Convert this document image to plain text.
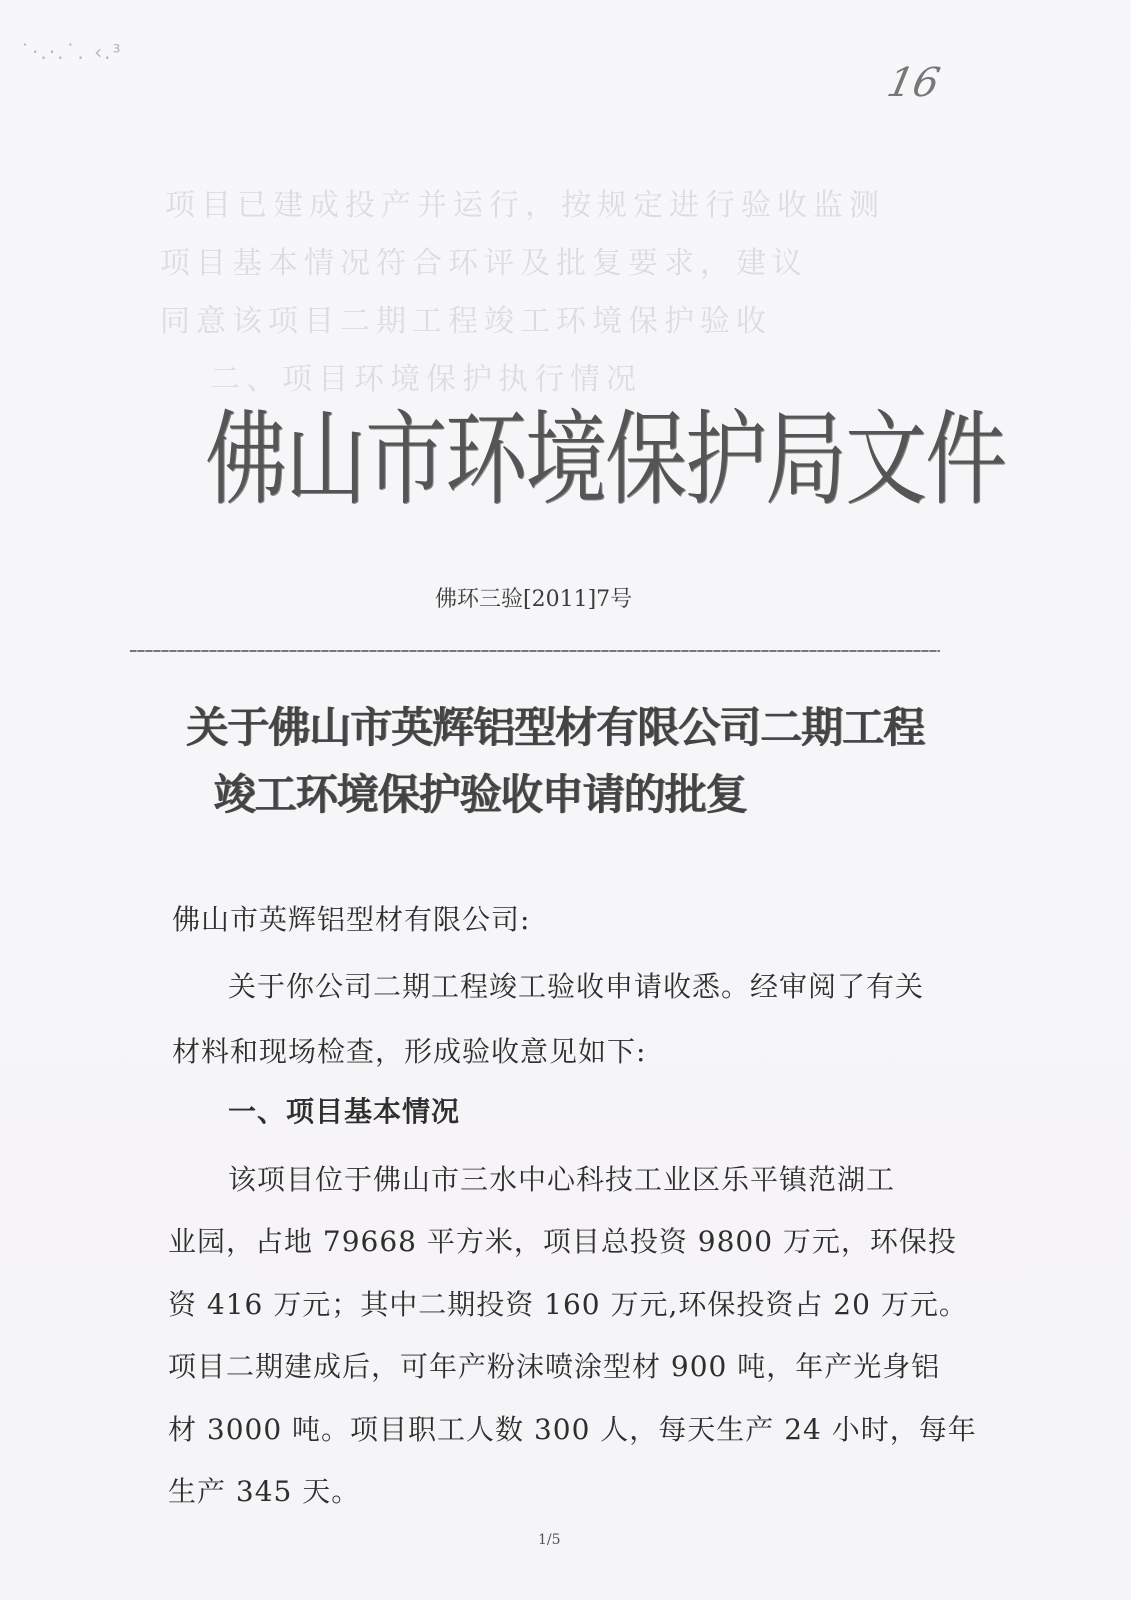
项目已建成投产并运行，按规定进行验收监测
项目基本情况符合环评及批复要求，建议
同意该项目二期工程竣工环境保护验收
二、项目环境保护执行情况
˙·.·.˙. ‹.³
16
佛山市环境保护局文件
佛环三验[2011]7号
关于佛山市英辉铝型材有限公司二期工程
竣工环境保护验收申请的批复
佛山市英辉铝型材有限公司:
关于你公司二期工程竣工验收申请收悉。经审阅了有关
材料和现场检查，形成验收意见如下:
一、项目基本情况
该项目位于佛山市三水中心科技工业区乐平镇范湖工
业园，占地 79668 平方米，项目总投资 9800 万元，环保投
资 416 万元；其中二期投资 160 万元,环保投资占 20 万元。
项目二期建成后，可年产粉沫喷涂型材 900 吨，年产光身铝
材 3000 吨。项目职工人数 300 人，每天生产 24 小时，每年
生产 345 天。
1/5
